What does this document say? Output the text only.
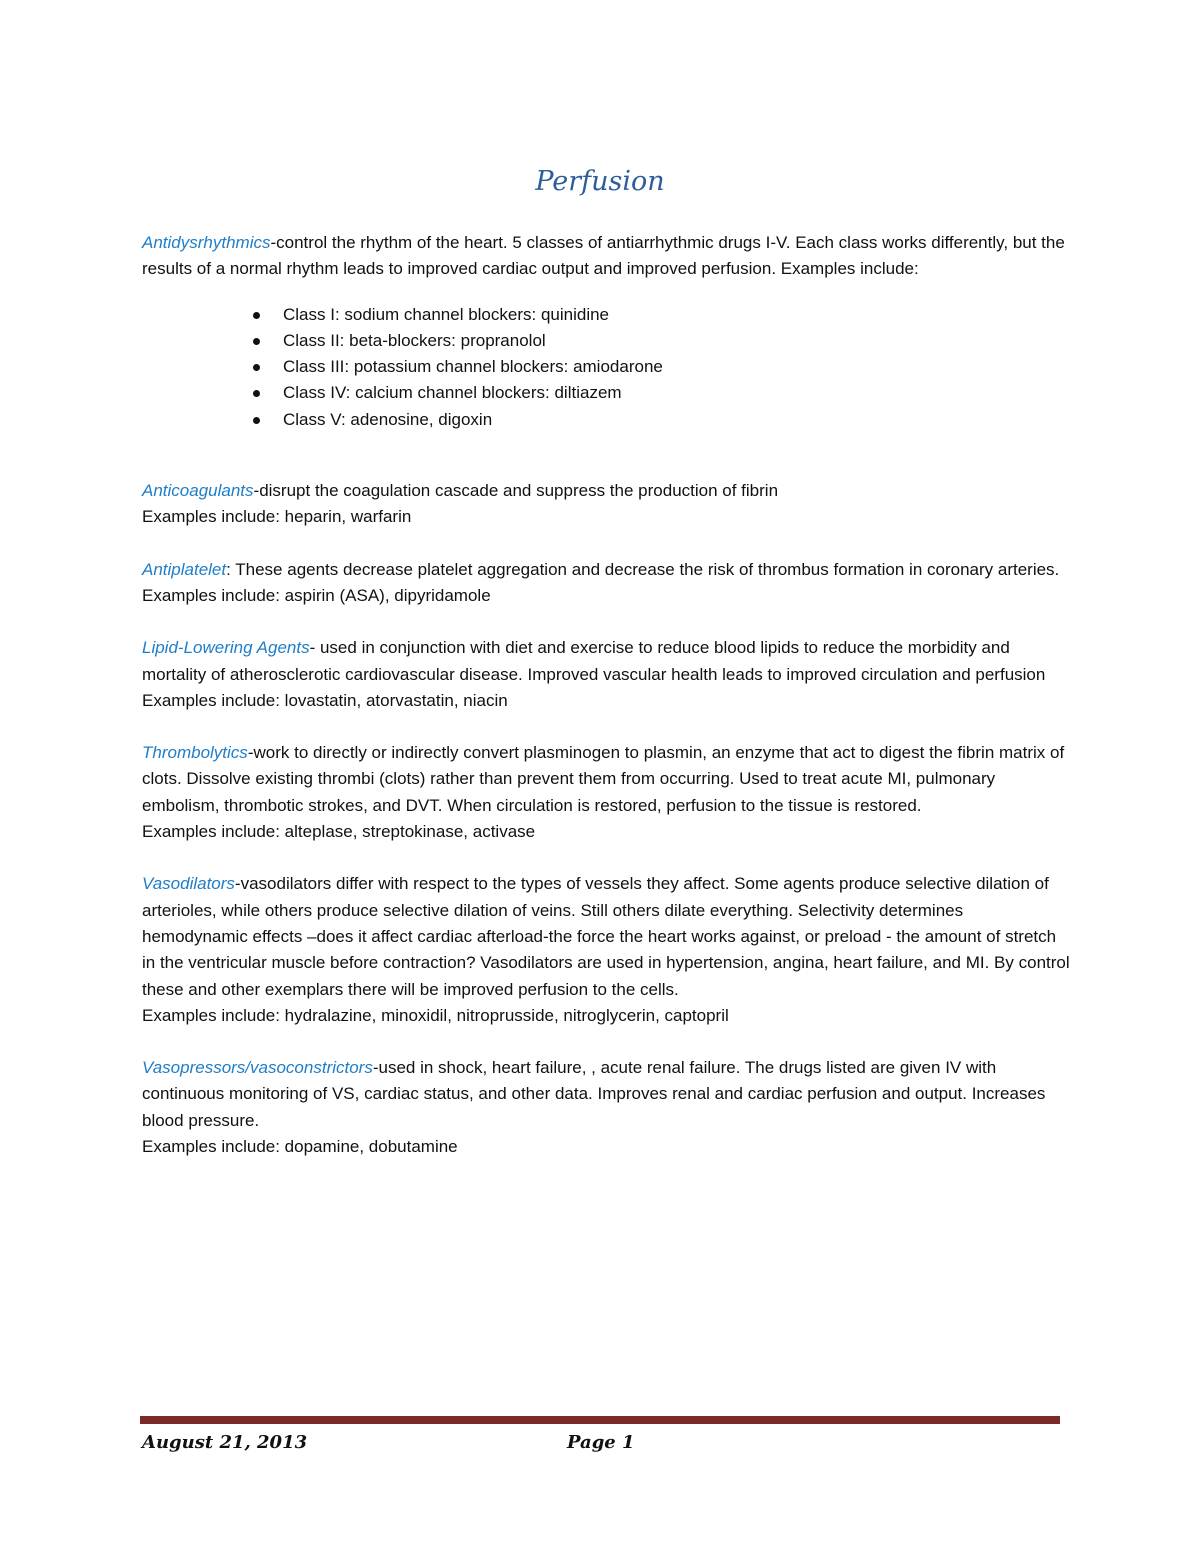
Perfusion

Antidysrhythmics-control the rhythm of the heart. 5 classes of antiarrhythmic drugs I-V. Each class works differently, but the results of a normal rhythm leads to improved cardiac output and improved perfusion. Examples include:

Class I: sodium channel blockers: quinidine
Class II: beta-blockers: propranolol
Class III: potassium channel blockers: amiodarone
Class IV: calcium channel blockers: diltiazem
Class V: adenosine, digoxin

Anticoagulants-disrupt the coagulation cascade and suppress the production of fibrin

Examples include: heparin, warfarin

Antiplatelet: These agents decrease platelet aggregation and decrease the risk of thrombus formation in coronary arteries.

Examples include: aspirin (ASA), dipyridamole

Lipid-Lowering Agents- used in conjunction with diet and exercise to reduce blood lipids to reduce the morbidity and mortality of atherosclerotic cardiovascular disease. Improved vascular health leads to improved circulation and perfusion

Examples include: lovastatin, atorvastatin, niacin

Thrombolytics-work to directly or indirectly convert plasminogen to plasmin, an enzyme that act to digest the fibrin matrix of clots. Dissolve existing thrombi (clots) rather than prevent them from occurring. Used to treat acute MI, pulmonary embolism, thrombotic strokes, and DVT. When circulation is restored, perfusion to the tissue is restored.

Examples include: alteplase, streptokinase, activase

Vasodilators-vasodilators differ with respect to the types of vessels they affect. Some agents produce selective dilation of arterioles, while others produce selective dilation of veins. Still others dilate everything. Selectivity determines hemodynamic effects –does it affect cardiac afterload-the force the heart works against, or preload - the amount of stretch in the ventricular muscle before contraction? Vasodilators are used in hypertension, angina, heart failure, and MI. By control these and other exemplars there will be improved perfusion to the cells.

Examples include: hydralazine, minoxidil, nitroprusside, nitroglycerin, captopril

Vasopressors/vasoconstrictors-used in shock, heart failure, , acute renal failure. The drugs listed are given IV with continuous monitoring of VS, cardiac status, and other data. Improves renal and cardiac perfusion and output. Increases blood pressure.

Examples include: dopamine, dobutamine

August 21, 2013	Page 1
